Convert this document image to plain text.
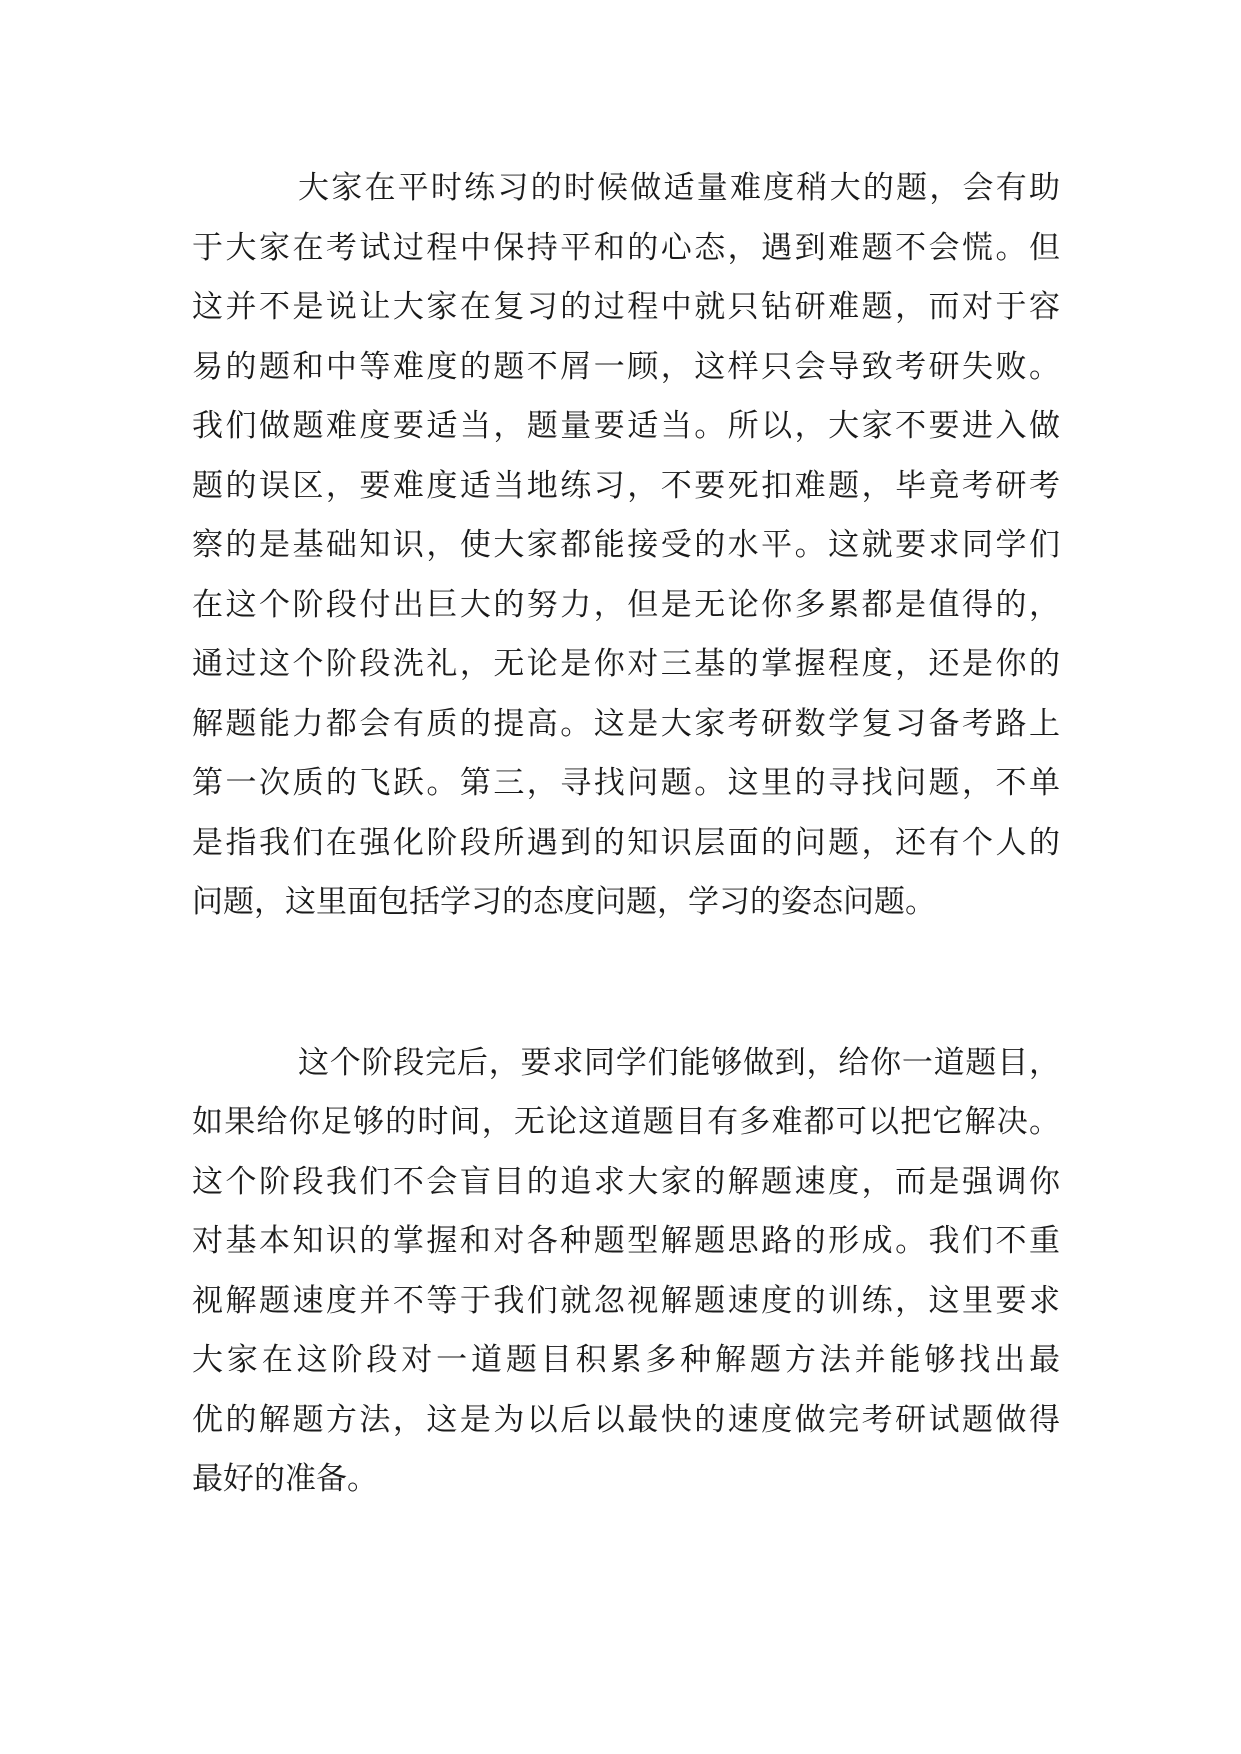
大家在平时练习的时候做适量难度稍大的题，会有助
于大家在考试过程中保持平和的心态，遇到难题不会慌。但
这并不是说让大家在复习的过程中就只钻研难题，而对于容
易的题和中等难度的题不屑一顾，这样只会导致考研失败。
我们做题难度要适当，题量要适当。所以，大家不要进入做
题的误区，要难度适当地练习，不要死扣难题，毕竟考研考
察的是基础知识，使大家都能接受的水平。这就要求同学们
在这个阶段付出巨大的努力，但是无论你多累都是值得的，
通过这个阶段洗礼，无论是你对三基的掌握程度，还是你的
解题能力都会有质的提高。这是大家考研数学复习备考路上
第一次质的飞跃。第三，寻找问题。这里的寻找问题，不单
是指我们在强化阶段所遇到的知识层面的问题，还有个人的
问题，这里面包括学习的态度问题，学习的姿态问题。
这个阶段完后，要求同学们能够做到，给你一道题目，
如果给你足够的时间，无论这道题目有多难都可以把它解决。
这个阶段我们不会盲目的追求大家的解题速度，而是强调你
对基本知识的掌握和对各种题型解题思路的形成。我们不重
视解题速度并不等于我们就忽视解题速度的训练，这里要求
大家在这阶段对一道题目积累多种解题方法并能够找出最
优的解题方法，这是为以后以最快的速度做完考研试题做得
最好的准备。
